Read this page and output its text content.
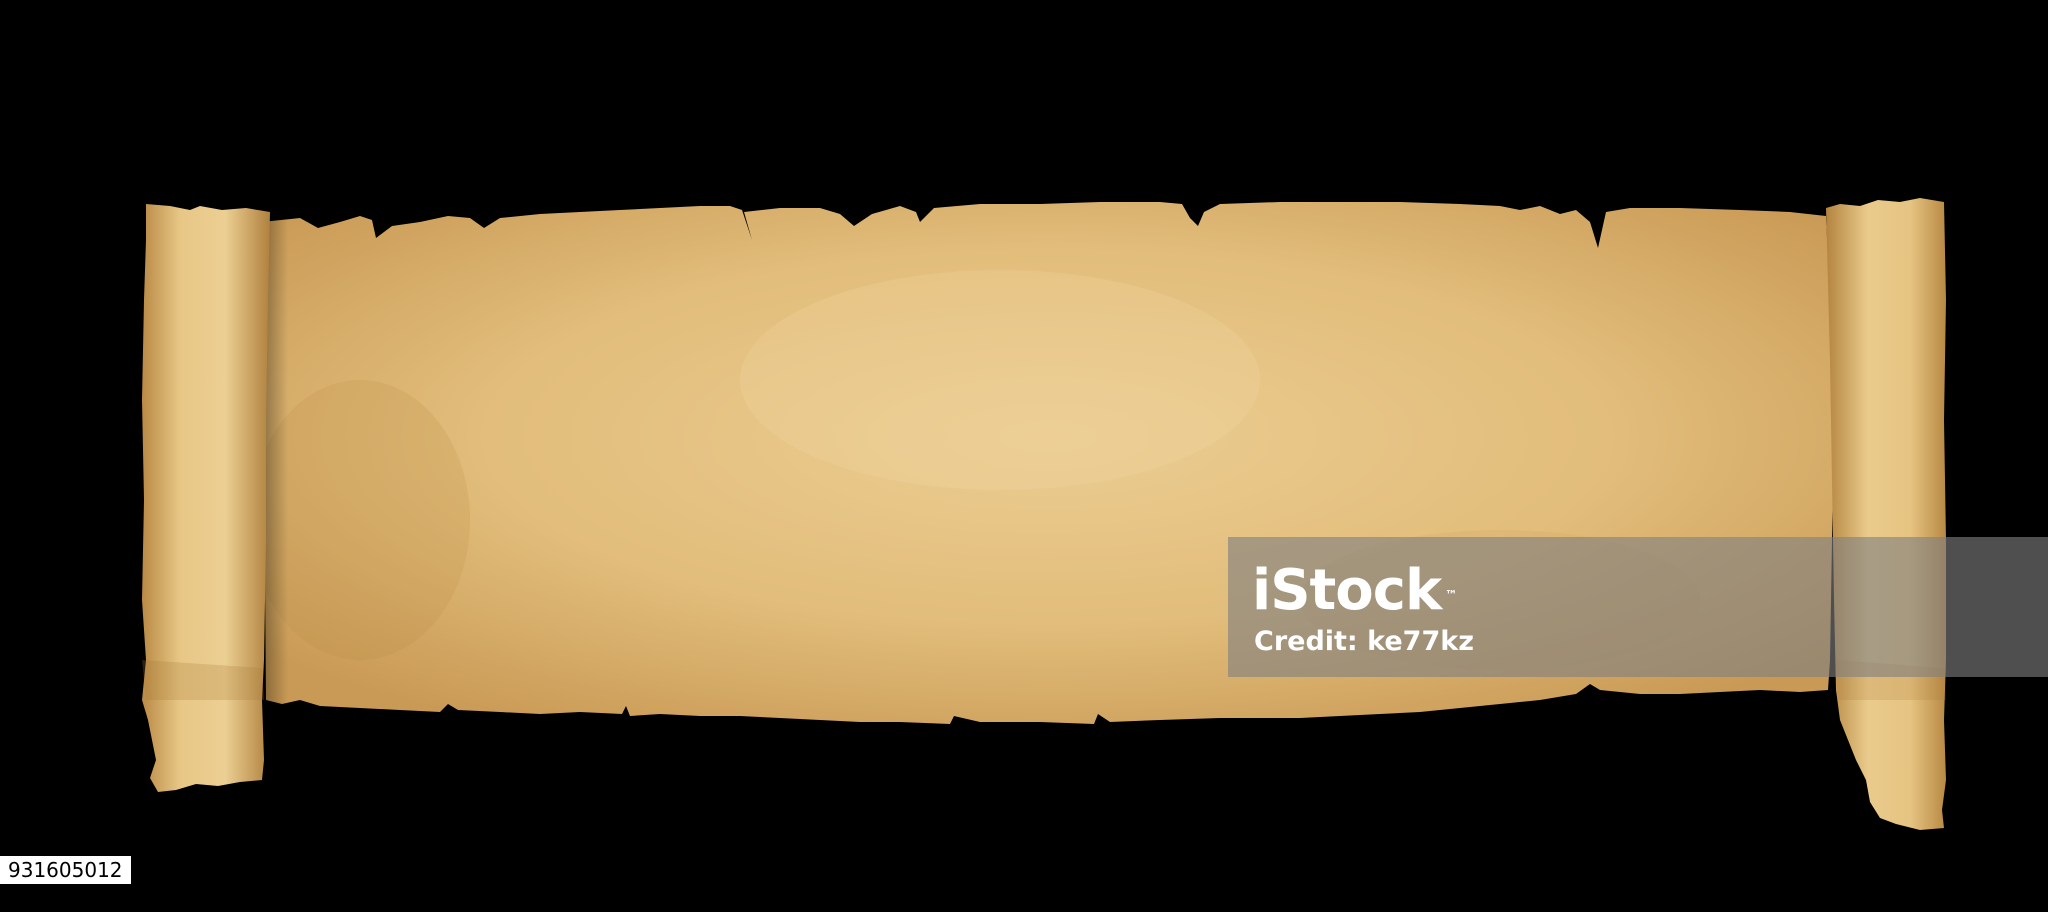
iStock ™
Credit: ke77kz
931605012
